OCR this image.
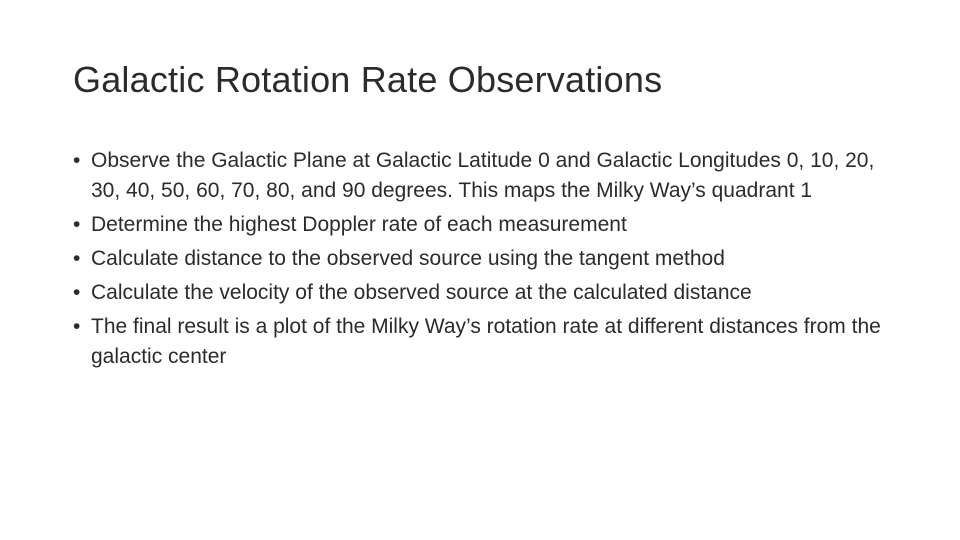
Galactic Rotation Rate Observations
• Observe the Galactic Plane at Galactic Latitude 0 and Galactic Longitudes 0, 10, 20, 30, 40, 50, 60, 70, 80, and 90 degrees. This maps the Milky Way’s quadrant 1
• Determine the highest Doppler rate of each measurement
• Calculate distance to the observed source using the tangent method
• Calculate the velocity of the observed source at the calculated distance
• The final result is a plot of the Milky Way’s rotation rate at different distances from the galactic center
